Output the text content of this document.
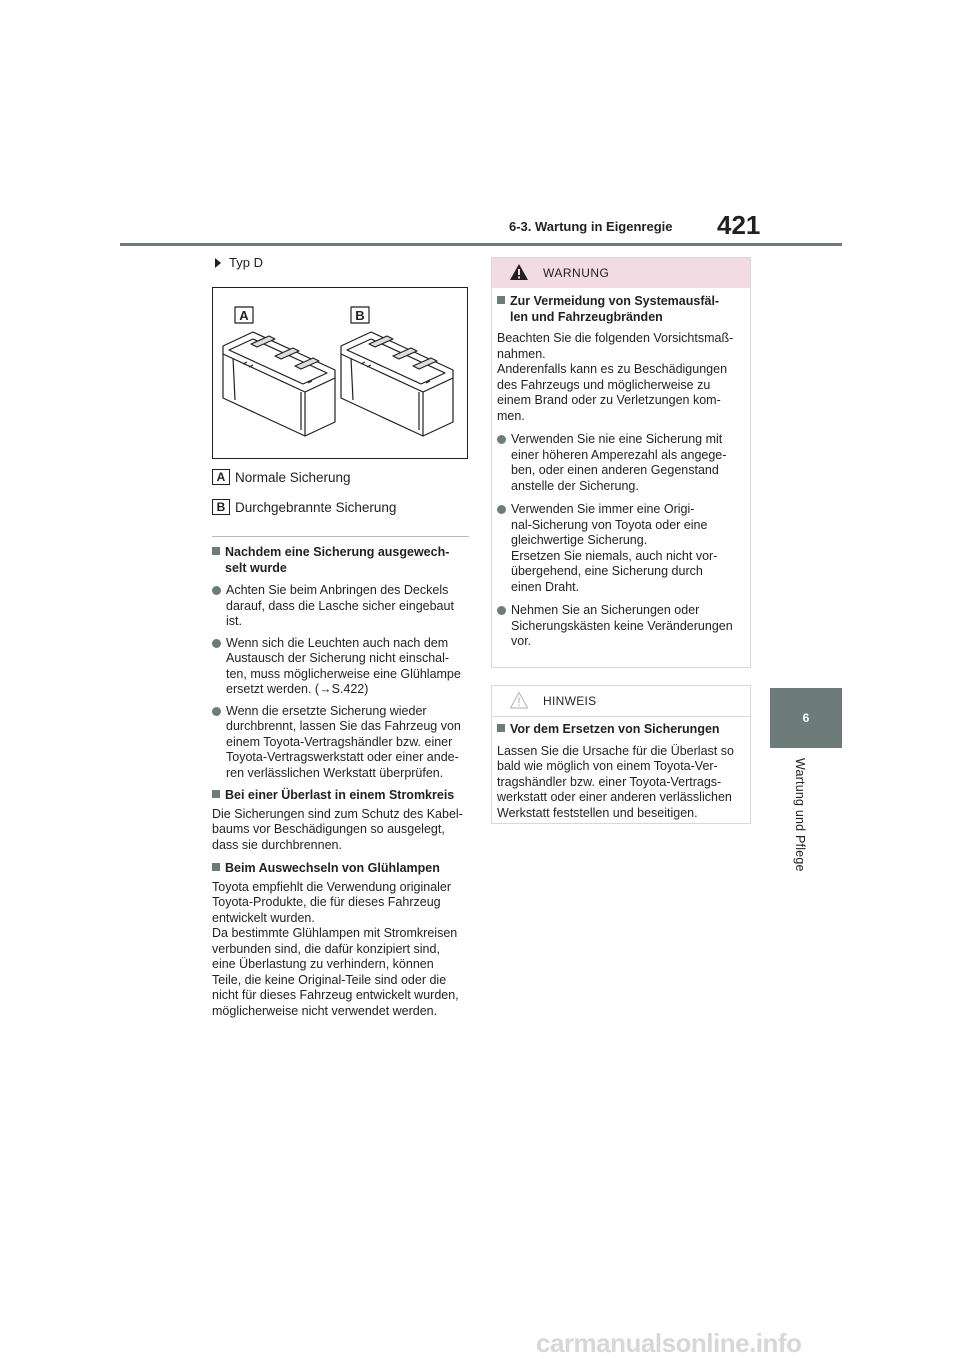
6-3. Wartung in Eigenregie 421
6
Wartung und Pflege
Typ D
A	B
A Normale Sicherung
B Durchgebrannte Sicherung
Nachdem eine Sicherung ausgewech-
selt wurde
Achten Sie beim Anbringen des Deckels
darauf, dass die Lasche sicher eingebaut
ist.
Wenn sich die Leuchten auch nach dem
Austausch der Sicherung nicht einschal-
ten, muss möglicherweise eine Glühlampe
ersetzt werden. (→S.422)
Wenn die ersetzte Sicherung wieder
durchbrennt, lassen Sie das Fahrzeug von
einem Toyota-Vertragshändler bzw. einer
Toyota-Vertragswerkstatt oder einer ande-
ren verlässlichen Werkstatt überprüfen.
Bei einer Überlast in einem Stromkreis
Die Sicherungen sind zum Schutz des Kabel-
baums vor Beschädigungen so ausgelegt,
dass sie durchbrennen.
Beim Auswechseln von Glühlampen
Toyota empfiehlt die Verwendung originaler
Toyota-Produkte, die für dieses Fahrzeug
entwickelt wurden.
Da bestimmte Glühlampen mit Stromkreisen
verbunden sind, die dafür konzipiert sind,
eine Überlastung zu verhindern, können
Teile, die keine Original-Teile sind oder die
nicht für dieses Fahrzeug entwickelt wurden,
möglicherweise nicht verwendet werden.
WARNUNG
Zur Vermeidung von Systemausfäl-
len und Fahrzeugbränden
Beachten Sie die folgenden Vorsichtsmaß-
nahmen.
Anderenfalls kann es zu Beschädigungen
des Fahrzeugs und möglicherweise zu
einem Brand oder zu Verletzungen kom-
men.
Verwenden Sie nie eine Sicherung mit
einer höheren Amperezahl als angege-
ben, oder einen anderen Gegenstand
anstelle der Sicherung.
Verwenden Sie immer eine Origi-
nal-Sicherung von Toyota oder eine
gleichwertige Sicherung.
Ersetzen Sie niemals, auch nicht vor-
übergehend, eine Sicherung durch
einen Draht.
Nehmen Sie an Sicherungen oder
Sicherungskästen keine Veränderungen
vor.
HINWEIS
Vor dem Ersetzen von Sicherungen
Lassen Sie die Ursache für die Überlast so
bald wie möglich von einem Toyota-Ver-
tragshändler bzw. einer Toyota-Vertrags-
werkstatt oder einer anderen verlässlichen
Werkstatt feststellen und beseitigen.
carmanualsonline.info
